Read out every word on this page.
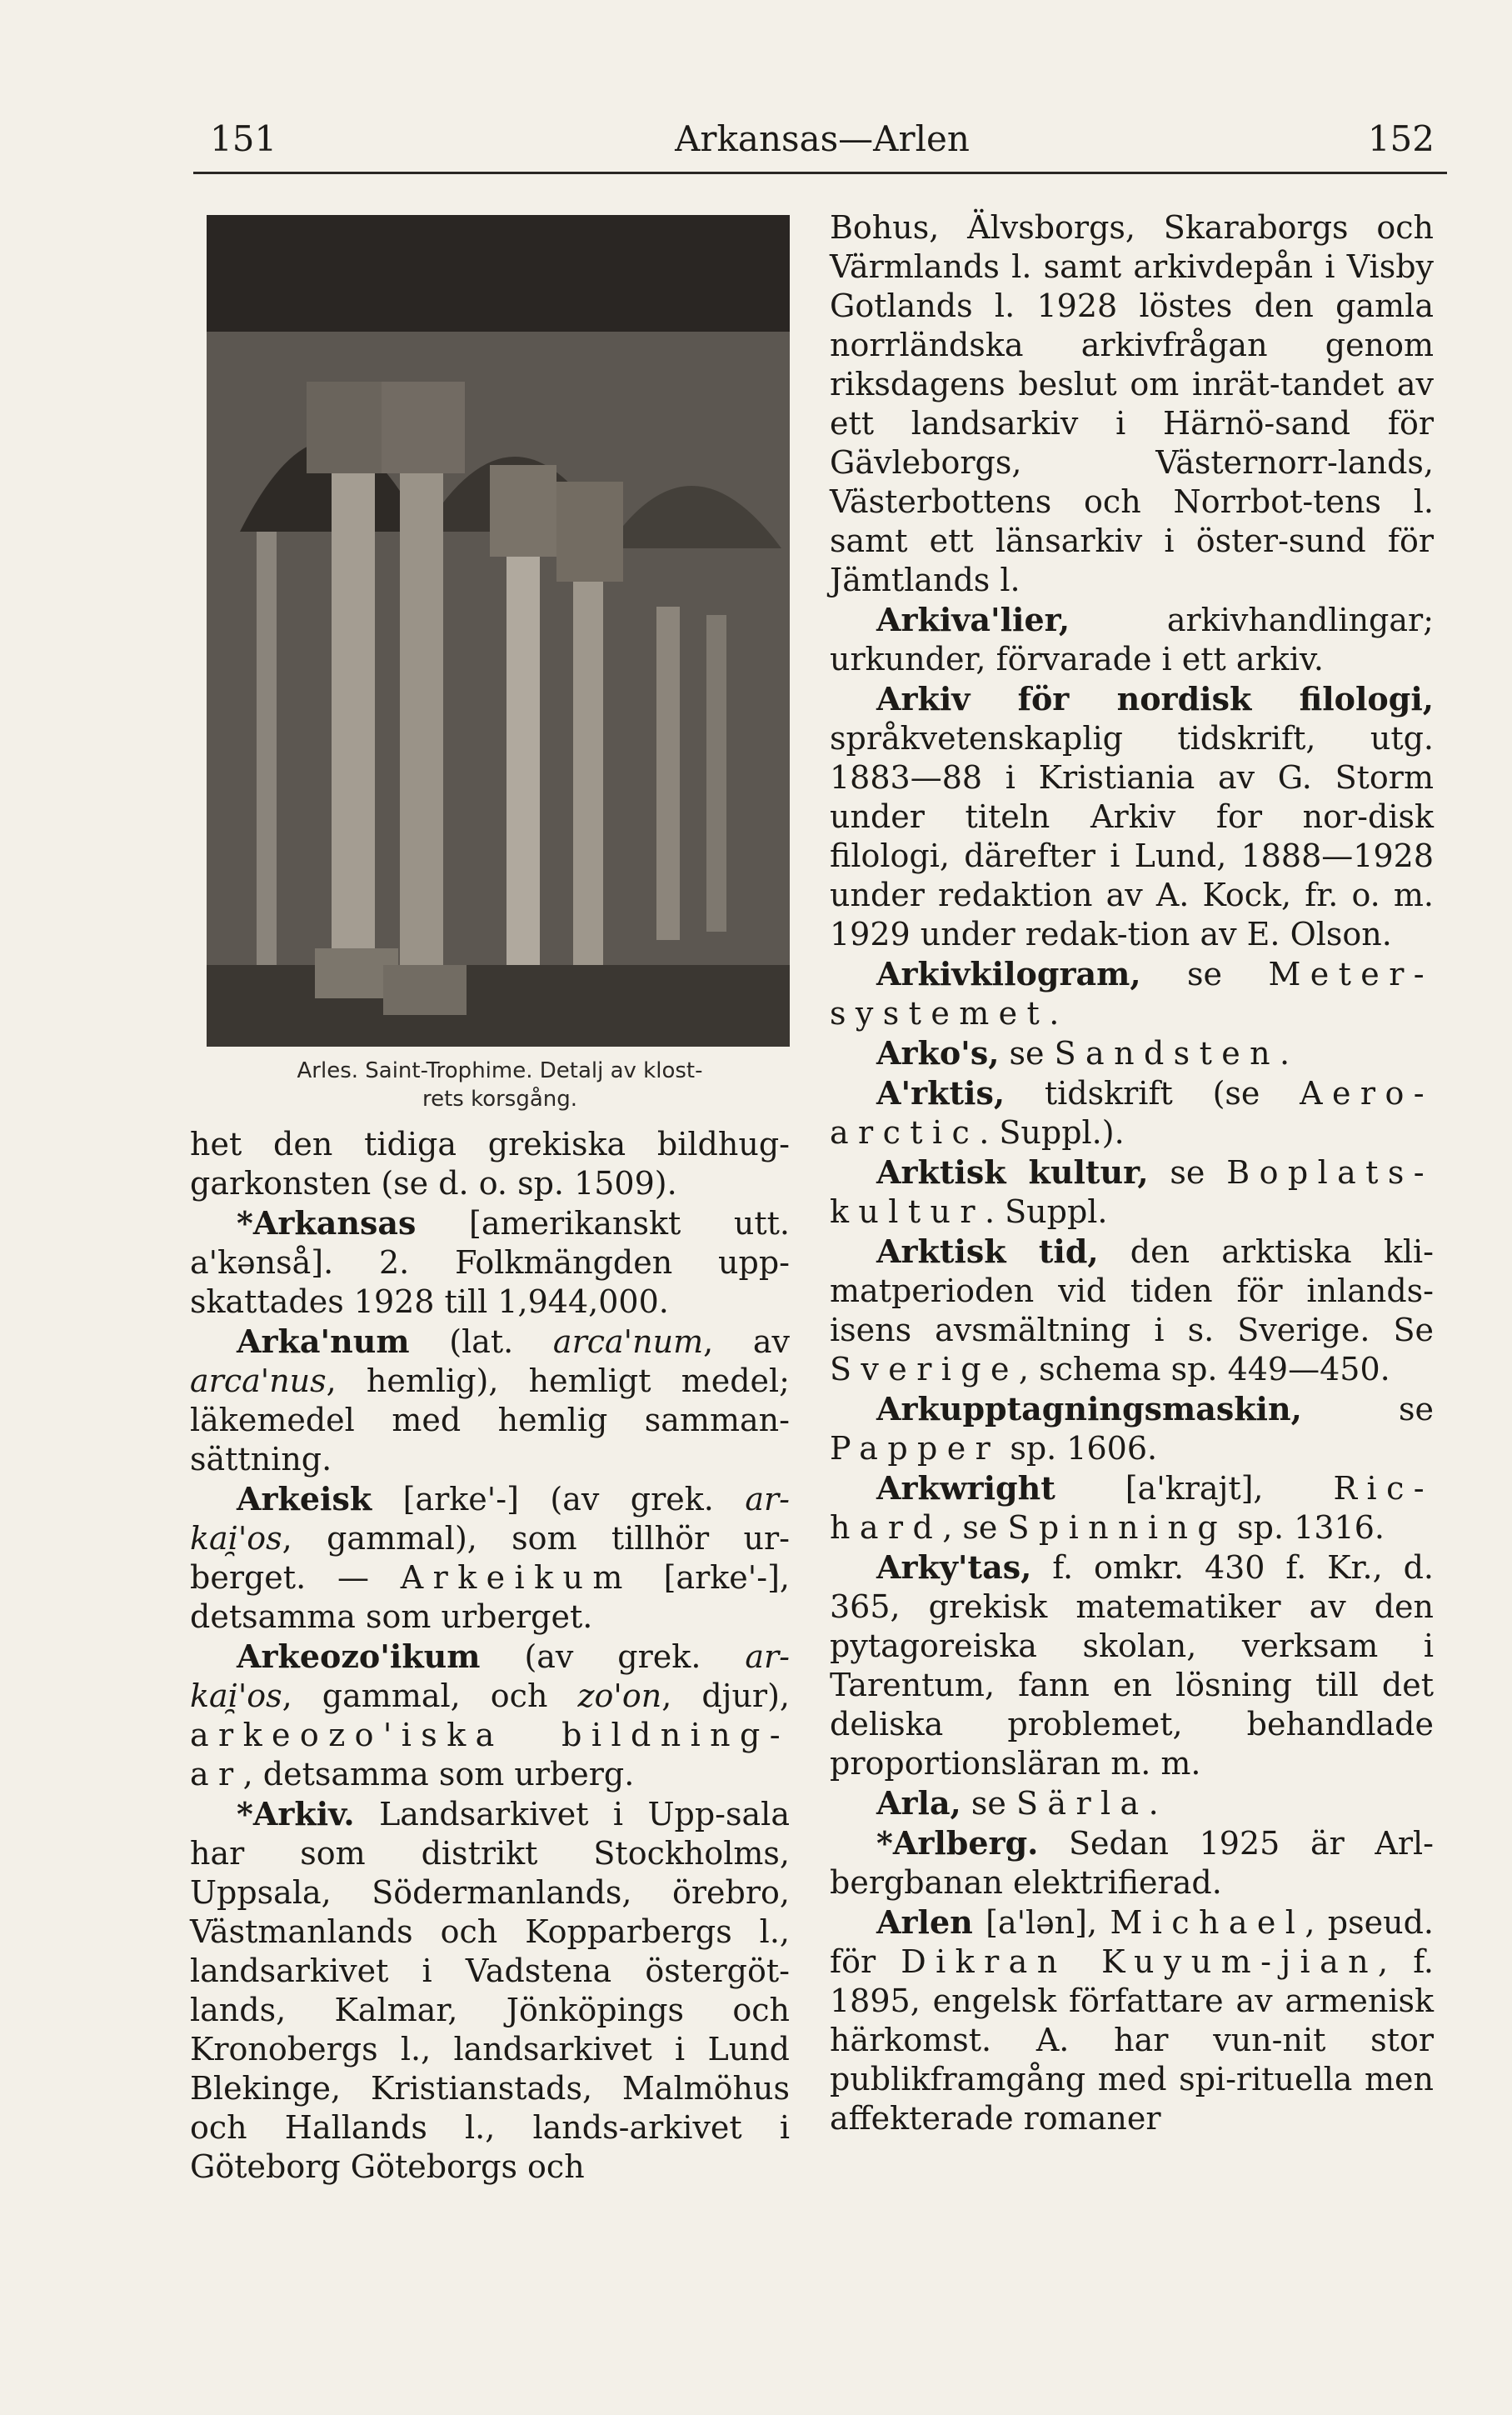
151	Arkansas—Arlen	152
Arles. Saint-Trophime. Detalj av klost-
rets korsgång.

het den tidiga grekiska bildhug-garkonsten (se d. o. sp. 1509).

*Arkansas [amerikanskt utt. a'kənså]. 2. Folkmängden upp-skattades 1928 till 1,944,000.

Arka'num (lat. arca'num, av arca'nus, hemlig), hemligt medel; läkemedel med hemlig samman-sättning.

Arkeisk [arke'-] (av grek. ar-kai̯'os, gammal), som tillhör ur-berget. — Arkeikum [arke'-], detsamma som urberget.

Arkeozo'ikum (av grek. ar-kai̯'os, gammal, och zo'on, djur), arkeozo'iska bildning-ar, detsamma som urberg.

*Arkiv. Landsarkivet i Upp-sala har som distrikt Stockholms, Uppsala, Södermanlands, örebro, Västmanlands och Kopparbergs l., landsarkivet i Vadstena östergöt-lands, Kalmar, Jönköpings och Kronobergs l., landsarkivet i Lund Blekinge, Kristianstads, Malmöhus och Hallands l., lands-arkivet i Göteborg Göteborgs och

Bohus, Älvsborgs, Skaraborgs och Värmlands l. samt arkivdepån i Visby Gotlands l. 1928 löstes den gamla norrländska arkivfrågan genom riksdagens beslut om inrät-tandet av ett landsarkiv i Härnö-sand för Gävleborgs, Västernorr-lands, Västerbottens och Norrbot-tens l. samt ett länsarkiv i öster-sund för Jämtlands l.

Arkiva'lier, arkivhandlingar; urkunder, förvarade i ett arkiv.

Arkiv för nordisk filologi, språkvetenskaplig tidskrift, utg. 1883—88 i Kristiania av G. Storm under titeln Arkiv for nor-disk filologi, därefter i Lund, 1888—1928 under redaktion av A. Kock, fr. o. m. 1929 under redak-tion av E. Olson.

Arkivkilogram, se Meter-systemet.

Arko's, se Sandsten.

A'rktis, tidskrift (se Aero-arctic. Suppl.).

Arktisk kultur, se Boplats-kultur. Suppl.

Arktisk tid, den arktiska kli-matperioden vid tiden för inlands-isens avsmältning i s. Sverige. Se Sverige, schema sp. 449—450.

Arkupptagningsmaskin, se Papper sp. 1606.

Arkwright [a'krajt], Ric-hard, se Spinning sp. 1316.

Arky'tas, f. omkr. 430 f. Kr., d. 365, grekisk matematiker av den pytagoreiska skolan, verksam i Tarentum, fann en lösning till det deliska problemet, behandlade proportionsläran m. m.

Arla, se Särla.

*Arlberg. Sedan 1925 är Arl-bergbanan elektrifierad.

Arlen [a'lən], Michael, pseud. för Dikran Kuyum-jian, f. 1895, engelsk författare av armenisk härkomst. A. har vun-nit stor publikframgång med spi-rituella men affekterade romaner
